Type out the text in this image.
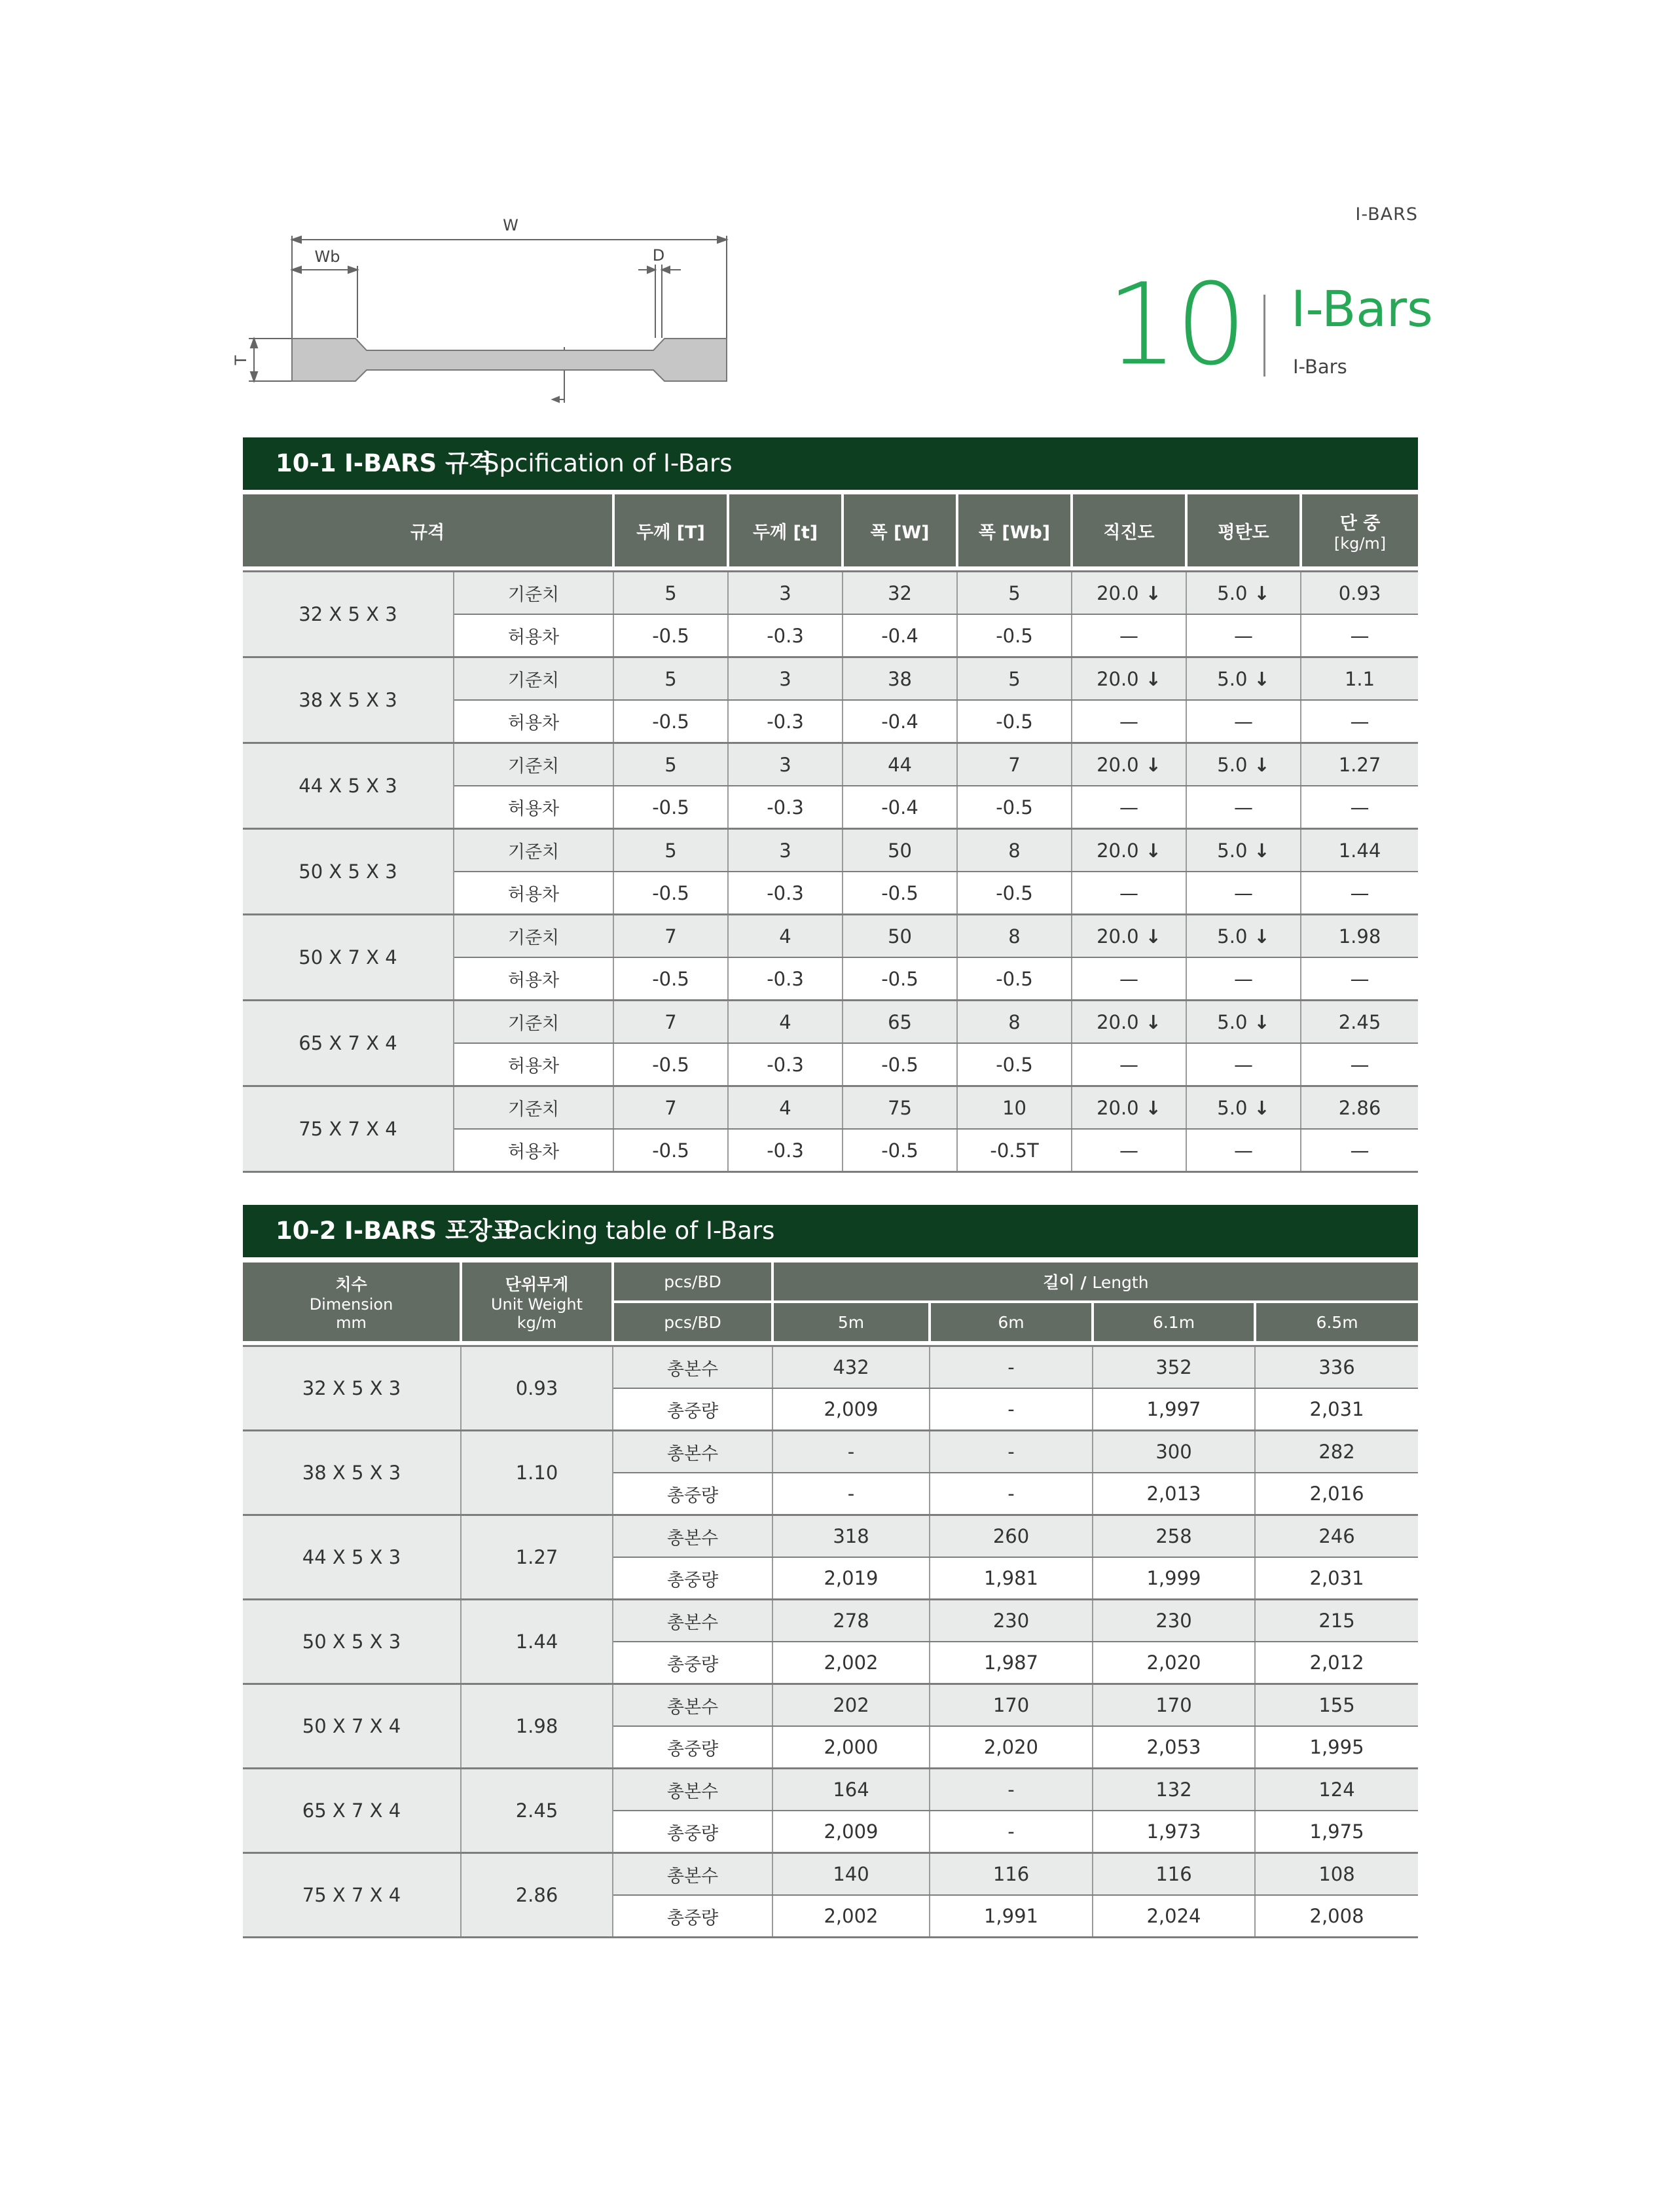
I-BARS
10 I-Bars
I-Bars
W
Wb	D
T
10-1 I-BARS 규격
Spcification of I-Bars
규격		두께 [T]	두께 [t]	폭 [W]	폭 [Wb]	직진도	평탄도	단 중
[kg/m]

32 X 5 X 3	기준치	5	3	32	5	20.0 ↓	5.0 ↓	0.93
	허용차	-0.5	-0.3	-0.4	-0.5	—	—	—
38 X 5 X 3	기준치	5	3	38	5	20.0 ↓	5.0 ↓	1.1
	허용차	-0.5	-0.3	-0.4	-0.5	—	—	—
44 X 5 X 3	기준치	5	3	44	7	20.0 ↓	5.0 ↓	1.27
	허용차	-0.5	-0.3	-0.4	-0.5	—	—	—
50 X 5 X 3	기준치	5	3	50	8	20.0 ↓	5.0 ↓	1.44
	허용차	-0.5	-0.3	-0.5	-0.5	—	—	—
50 X 7 X 4	기준치	7	4	50	8	20.0 ↓	5.0 ↓	1.98
	허용차	-0.5	-0.3	-0.5	-0.5	—	—	—
65 X 7 X 4	기준치	7	4	65	8	20.0 ↓	5.0 ↓	2.45
	허용차	-0.5	-0.3	-0.5	-0.5	—	—	—
75 X 7 X 4	기준치	7	4	75	10	20.0 ↓	5.0 ↓	2.86
	허용차	-0.5	-0.3	-0.5	-0.5T	—	—	—
10-2 I-BARS 포장표
Packing table of I-Bars
치수
Dimension
mm	단위무게
Unit Weight
kg/m	pcs/BD	길이 / Length			
		pcs/BD	5m	6m	6.1m	6.5m

32 X 5 X 3	0.93	총본수	432	-	352	336
		총중량	2,009	-	1,997	2,031
38 X 5 X 3	1.10	총본수	-	-	300	282
		총중량	-	-	2,013	2,016
44 X 5 X 3	1.27	총본수	318	260	258	246
		총중량	2,019	1,981	1,999	2,031
50 X 5 X 3	1.44	총본수	278	230	230	215
		총중량	2,002	1,987	2,020	2,012
50 X 7 X 4	1.98	총본수	202	170	170	155
		총중량	2,000	2,020	2,053	1,995
65 X 7 X 4	2.45	총본수	164	-	132	124
		총중량	2,009	-	1,973	1,975
75 X 7 X 4	2.86	총본수	140	116	116	108
		총중량	2,002	1,991	2,024	2,008
